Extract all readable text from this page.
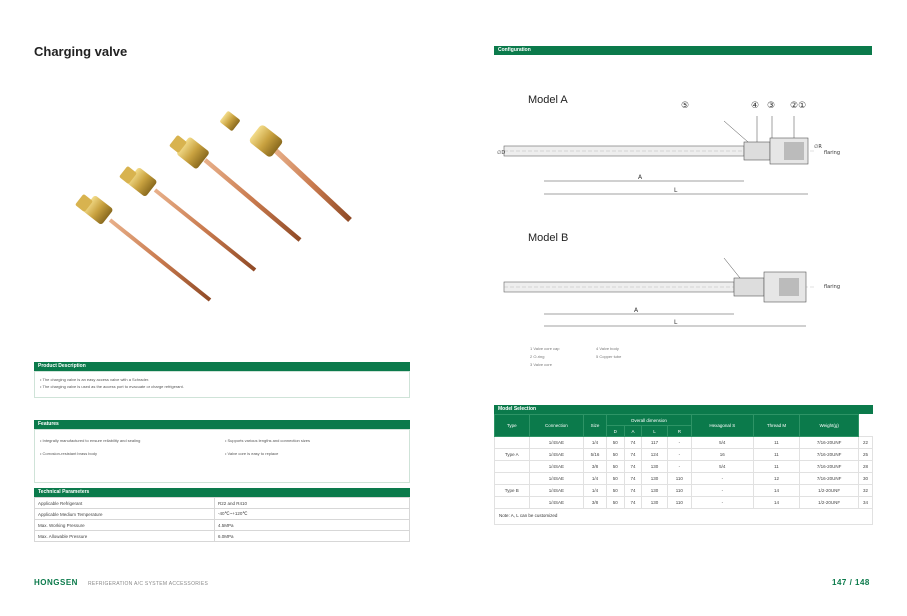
Charging valve
Product Description
• The charging valve is an easy access valve with a Schrader.
• The charging valve is used as the access port to evacuate or charge refrigerant.
Features
• Integrally manufactured to ensure reliability and sealing	• Supports various lengths and connection sizes
• Corrosion-resistant brass body	• Valve core is easy to replace
Technical Parameters
Applicable Refrigerant	R22 and R410
Applicable Medium Temperature	-40℃~+120℃
Max. Working Pressure	4.5MPa
Max. Allowable Pressure	6.0MPa
HONGSEN REFRIGERATION A/C SYSTEM ACCESSORIES
Configuration
Model A
Model B
⑤	④ ③ ②①
A
L
flaring
∅D
∅R
A
L
flaring
1 Valve core cap	4 Valve body
2 O-ring	5 Copper tube
3 Valve core
Model Selection
Type	Connection	Size	Overall dimension				Hexagonal S	Thread M	Weight(g)	
			D	A	L	R				
	1/4SAE	1/4	50	74	117	-	5/4	11	7/16-20UNF	22
Type A	1/4SAE	5/16	50	74	124	-	16	11	7/16-20UNF	25
	1/4SAE	3/8	50	74	130	-	5/4	11	7/16-20UNF	28
	1/4SAE	1/4	50	74	130	110	-	12	7/16-20UNF	30
Type B	1/4SAE	1/4	50	74	130	110	-	14	1/2-20UNF	32
	1/4SAE	3/8	50	74	130	110	-	14	1/2-20UNF	34
Note: A, L can be customized
147 / 148
